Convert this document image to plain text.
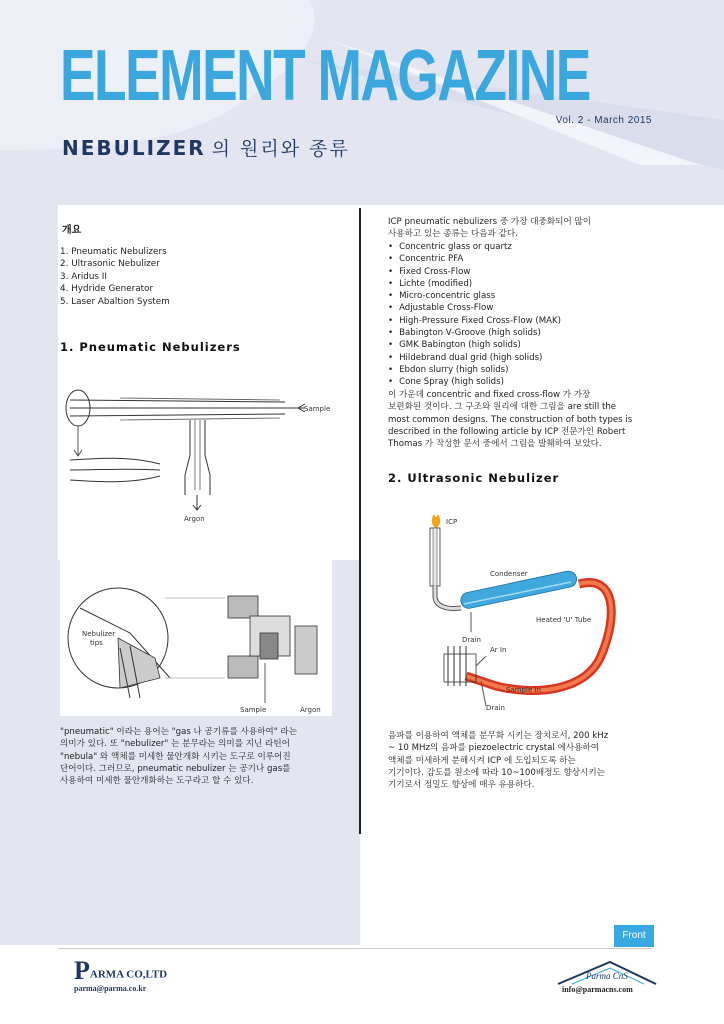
ELEMENT MAGAZINE
Vol. 2 - March 2015
NEBULIZER 의 원리와 종류
개요
1. Pneumatic Nebulizers
2. Ultrasonic Nebulizer
3. Aridus II
4. Hydride Generator
5. Laser Abaltion System
1. Pneumatic Nebulizers
Sample
Argon
Nebulizer
tips
Sample	Argon
"pneumatic" 이라는 용어는 "gas 나 공기류를 사용하여" 라는
의미가 있다. 또 "nebulizer" 는 분무라는 의미를 지닌 라틴어
"nebula" 와 액체를 미세한 물안개화 시키는 도구로 이루어진
단어이다. 그러므로, pneumatic nebulizer 는 공기나 gas를
사용하여 미세한 물안개화하는 도구라고 할 수 있다.
ICP pneumatic nebulizers 중 가장 대중화되어 많이
사용하고 있는 종류는 다음과 같다.
• Concentric glass or quartz
• Concentric PFA
• Fixed Cross-Flow
• Lichte (modified)
• Micro-concentric glass
• Adjustable Cross-Flow
• High-Pressure Fixed Cross-Flow (MAK)
• Babington V-Groove (high solids)
• GMK Babington (high solids)
• Hildebrand dual grid (high solids)
• Ebdon slurry (high solids)
• Cone Spray (high solids)
이 가운데 concentric and fixed cross-flow 가 가장
보편화된 것이다. 그 구조와 원리에 대한 그림을 are still the
most common designs. The construction of both types is
described in the following article by ICP 전문가인 Robert
Thomas 가 작성한 문서 중에서 그림을 발췌하여 보았다.
2. Ultrasonic Nebulizer
ICP
Condenser
Heated 'U' Tube
Drain
Ar In
Sample In
Drain
음파를 이용하여 액체를 분무화 시키는 장치로서, 200 kHz
~ 10 MHz의 음파를 piezoelectric crystal 에사용하여
액체를 미세하게 분해시켜 ICP 에 도입되도록 하는
기기이다. 감도를 원소에 따라 10~100배정도 향상시키는
기기로서 정밀도 향상에 매우 유용하다.
Front
PARMA CO,LTD
parma@parma.co.kr
Parma CnS
info@parmacns.com
